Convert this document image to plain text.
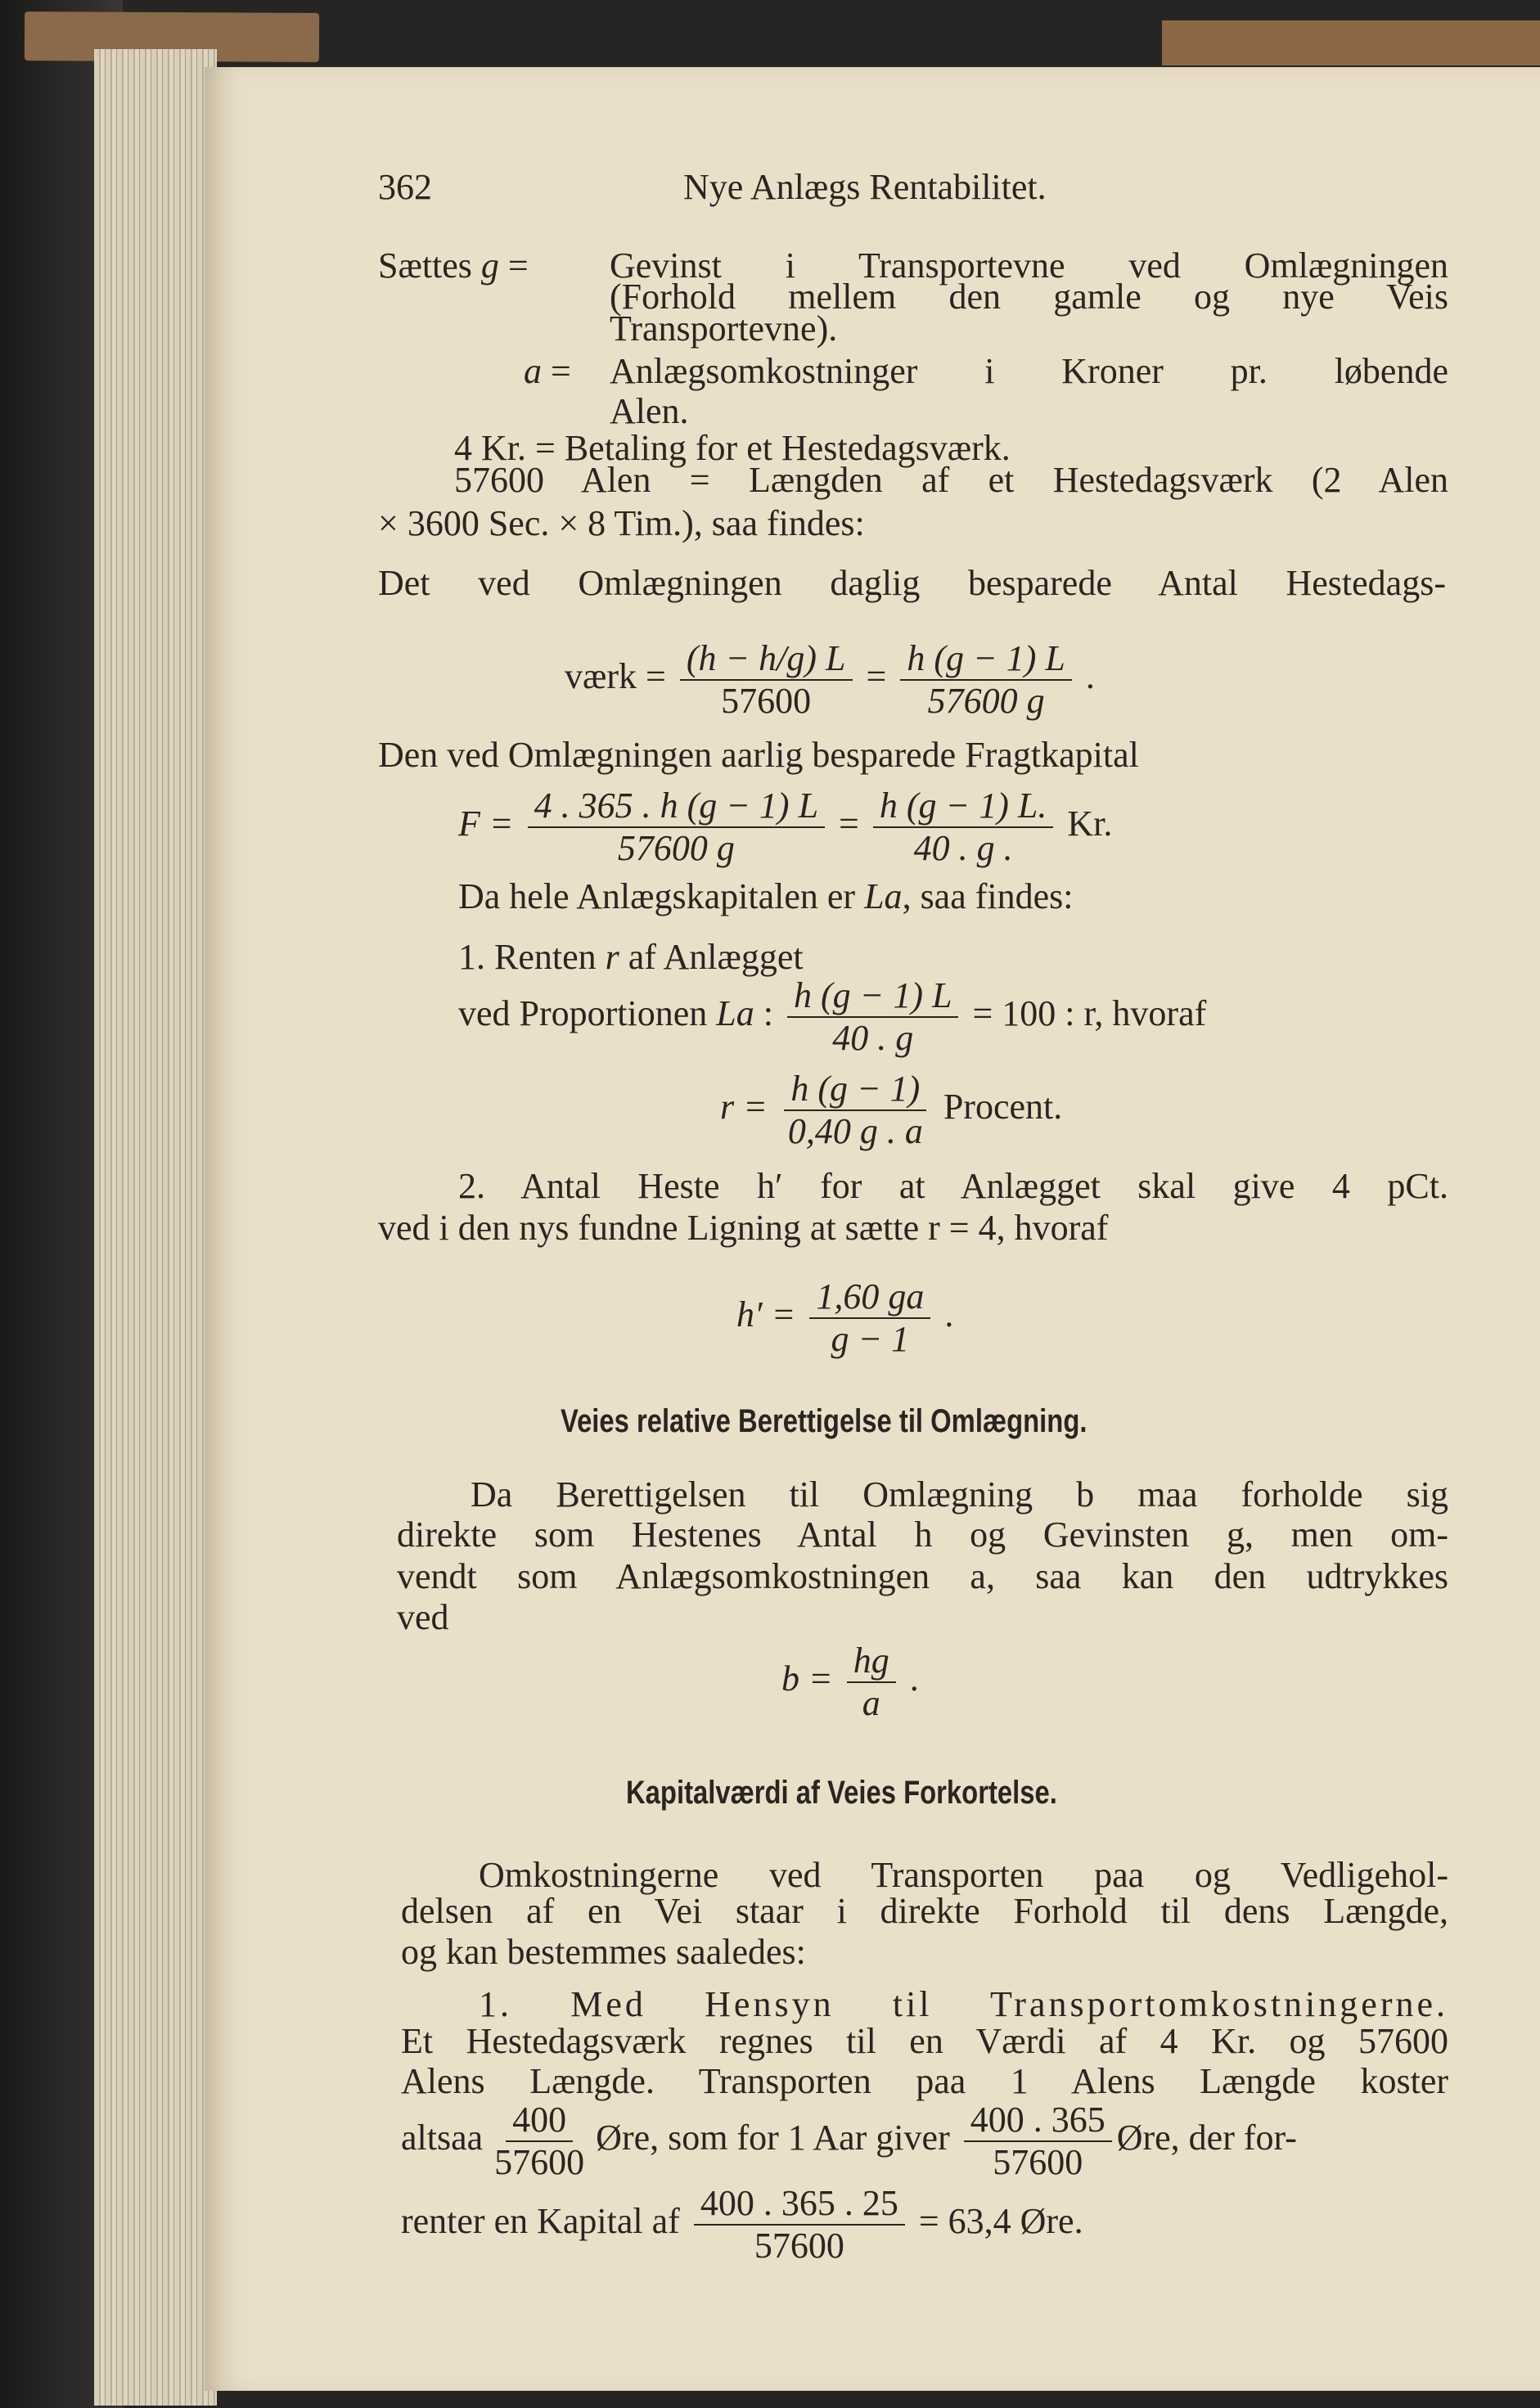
362	Nye Anlægs Rentabilitet.
Sættes g = Gevinst i Transportevne ved Omlægningen
(Forhold mellem den gamle og nye Veis
Transportevne).
a = Anlægsomkostninger i Kroner pr. løbende
Alen.
4 Kr. = Betaling for et Hestedagsværk.
57600 Alen = Længden af et Hestedagsværk (2 Alen
× 3600 Sec. × 8 Tim.), saa findes:
Det ved Omlægningen daglig besparede Antal Hestedags-
værk = $\frac{(h - h/g) L}{57600} = \frac{h (g - 1) L}{57600 g}$ .
Den ved Omlægningen aarlig besparede Fragtkapital
$F = \frac{4 . 365 . h (g - 1) L}{57600 g} = \frac{h (g - 1) L.}{40 . g .} Kr$.
Da hele Anlægskapitalen er La, saa findes:
1. Renten r af Anlægget
ved Proportionen La : $\frac{h (g - 1) L}{40 . g} = 100$ : r, hvoraf
$r = \frac{h (g - 1)}{0,40 g . a}$ Procent.
2. Antal Heste h′ for at Anlægget skal give 4 pCt.
ved i den nys fundne Ligning at sætte r = 4, hvoraf
$h' = \frac{1,60 ga}{g - 1}$ .
Veies relative Berettigelse til Omlægning.
Da Berettigelsen til Omlægning b maa forholde sig
direkte som Hestenes Antal h og Gevinsten g, men om-
vendt som Anlægsomkostningen a, saa kan den udtrykkes
ved
$b = \frac{hg}{a}$ .
Kapitalværdi af Veies Forkortelse.
Omkostningerne ved Transporten paa og Vedligehol-
delsen af en Vei staar i direkte Forhold til dens Længde,
og kan bestemmes saaledes:
1. Med Hensyn til Transportomkostningerne.
Et Hestedagsværk regnes til en Værdi af 4 Kr. og 57600
Alens Længde. Transporten paa 1 Alens Længde koster
altsaa $\frac{400}{57600}$ Øre, som for 1 Aar giver $\frac{400 . 365}{57600}$ Øre, der for-
renter en Kapital af $\frac{400 . 365 . 25}{57600} = 63,4$ Øre.
